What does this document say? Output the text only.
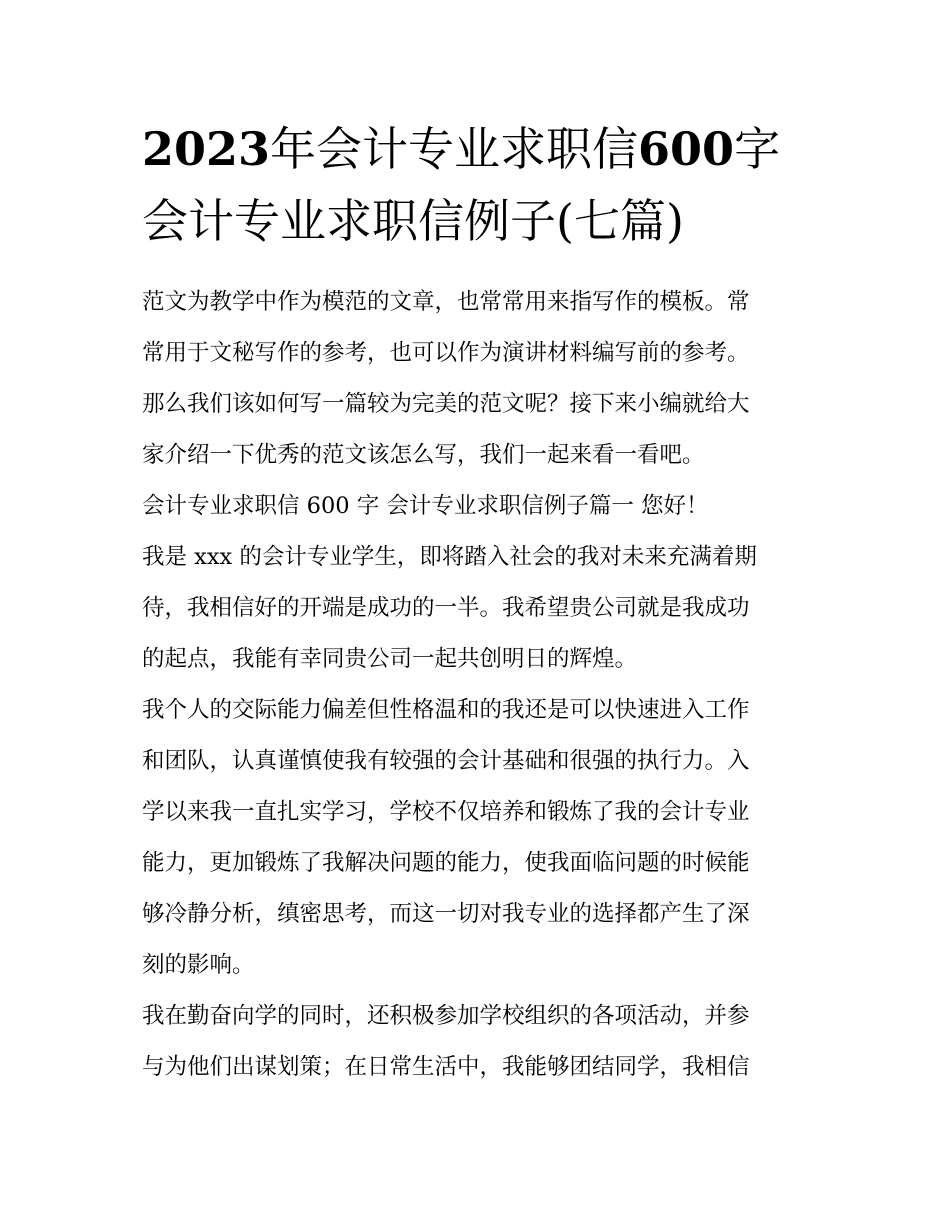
2023年会计专业求职信600字
会计专业求职信例子(七篇)

范文为教学中作为模范的文章，也常常用来指写作的模板。常
常用于文秘写作的参考，也可以作为演讲材料编写前的参考。
那么我们该如何写一篇较为完美的范文呢？接下来小编就给大
家介绍一下优秀的范文该怎么写，我们一起来看一看吧。

会计专业求职信 600 字 会计专业求职信例子篇一 您好！

我是 xxx 的会计专业学生，即将踏入社会的我对未来充满着期
待，我相信好的开端是成功的一半。我希望贵公司就是我成功
的起点，我能有幸同贵公司一起共创明日的辉煌。

我个人的交际能力偏差但性格温和的我还是可以快速进入工作
和团队，认真谨慎使我有较强的会计基础和很强的执行力。入
学以来我一直扎实学习，学校不仅培养和锻炼了我的会计专业
能力，更加锻炼了我解决问题的能力，使我面临问题的时候能
够冷静分析，缜密思考，而这一切对我专业的选择都产生了深
刻的影响。

我在勤奋向学的同时，还积极参加学校组织的各项活动，并参
与为他们出谋划策；在日常生活中，我能够团结同学，我相信
